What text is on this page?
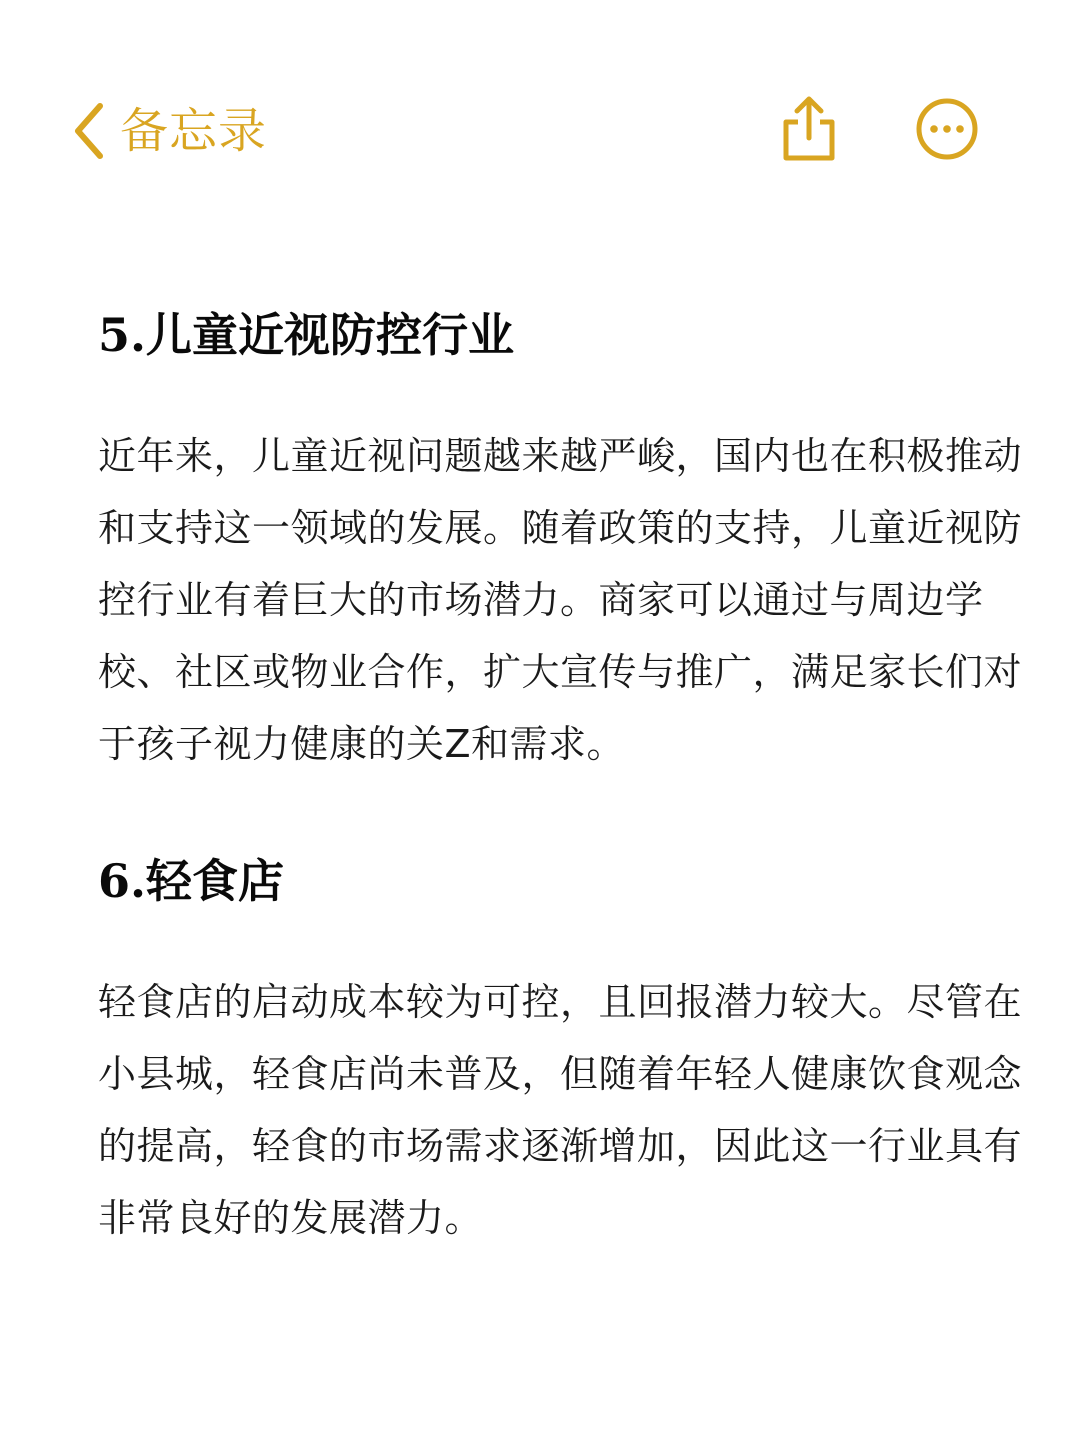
备忘录
5.儿童近视防控行业

近年来，儿童近视问题越来越严峻，国内也在积极推动和支持这一领域的发展。随着政策的支持，儿童近视防控行业有着巨大的市场潜力。商家可以通过与周边学校、社区或物业合作，扩大宣传与推广，满足家长们对于孩子视力健康的关Z和需求。

6.轻食店

轻食店的启动成本较为可控，且回报潜力较大。尽管在小县城，轻食店尚未普及，但随着年轻人健康饮食观念的提高，轻食的市场需求逐渐增加，因此这一行业具有非常良好的发展潜力。
